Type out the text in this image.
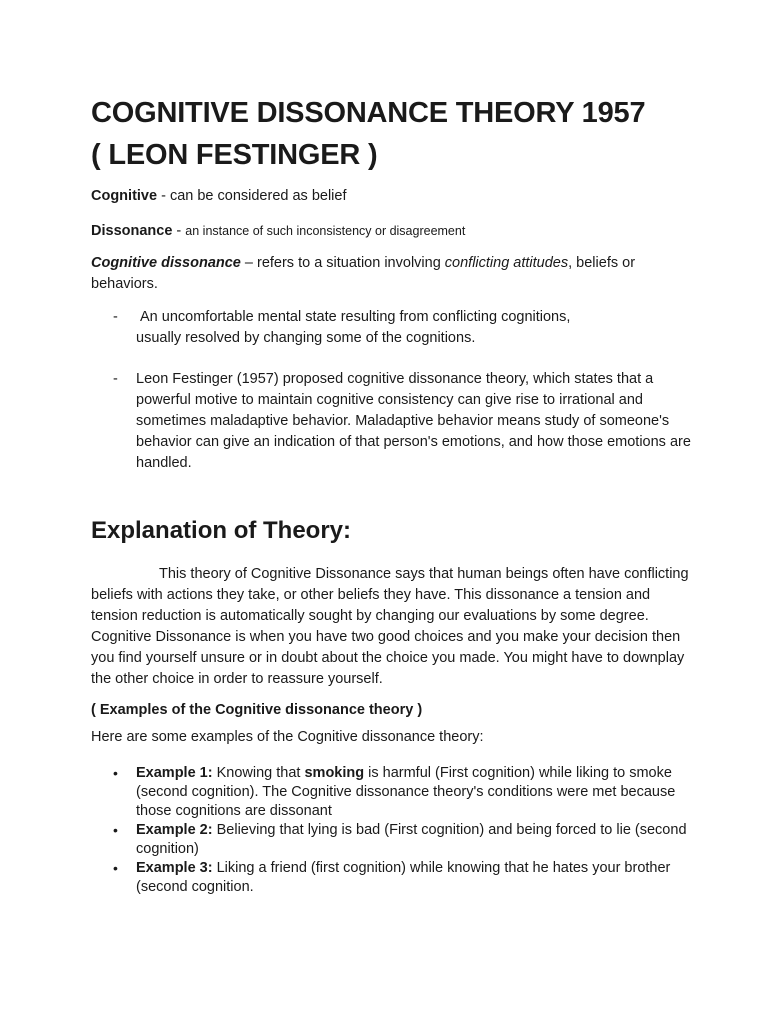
COGNITIVE DISSONANCE THEORY 1957
( LEON FESTINGER )

Cognitive - can be considered as belief

Dissonance - an instance of such inconsistency or disagreement

Cognitive dissonance – refers to a situation involving conflicting attitudes, beliefs or behaviors.

- An uncomfortable mental state resulting from conflicting cognitions,
usually resolved by changing some of the cognitions.
- Leon Festinger (1957) proposed cognitive dissonance theory, which states that a powerful motive to maintain cognitive consistency can give rise to irrational and sometimes maladaptive behavior. Maladaptive behavior means study of someone's behavior can give an indication of that person's emotions, and how those emotions are handled.
Explanation of Theory:

This theory of Cognitive Dissonance says that human beings often have conflicting beliefs with actions they take, or other beliefs they have. This dissonance a tension and tension reduction is automatically sought by changing our evaluations by some degree. Cognitive Dissonance is when you have two good choices and you make your decision then you find yourself unsure or in doubt about the choice you made. You might have to downplay the other choice in order to reassure yourself.

( Examples of the Cognitive dissonance theory )

Here are some examples of the Cognitive dissonance theory:

• Example 1: Knowing that smoking is harmful (First cognition) while liking to smoke (second cognition). The Cognitive dissonance theory's conditions were met because those cognitions are dissonant
• Example 2: Believing that lying is bad (First cognition) and being forced to lie (second cognition)
• Example 3: Liking a friend (first cognition) while knowing that he hates your brother (second cognition.
